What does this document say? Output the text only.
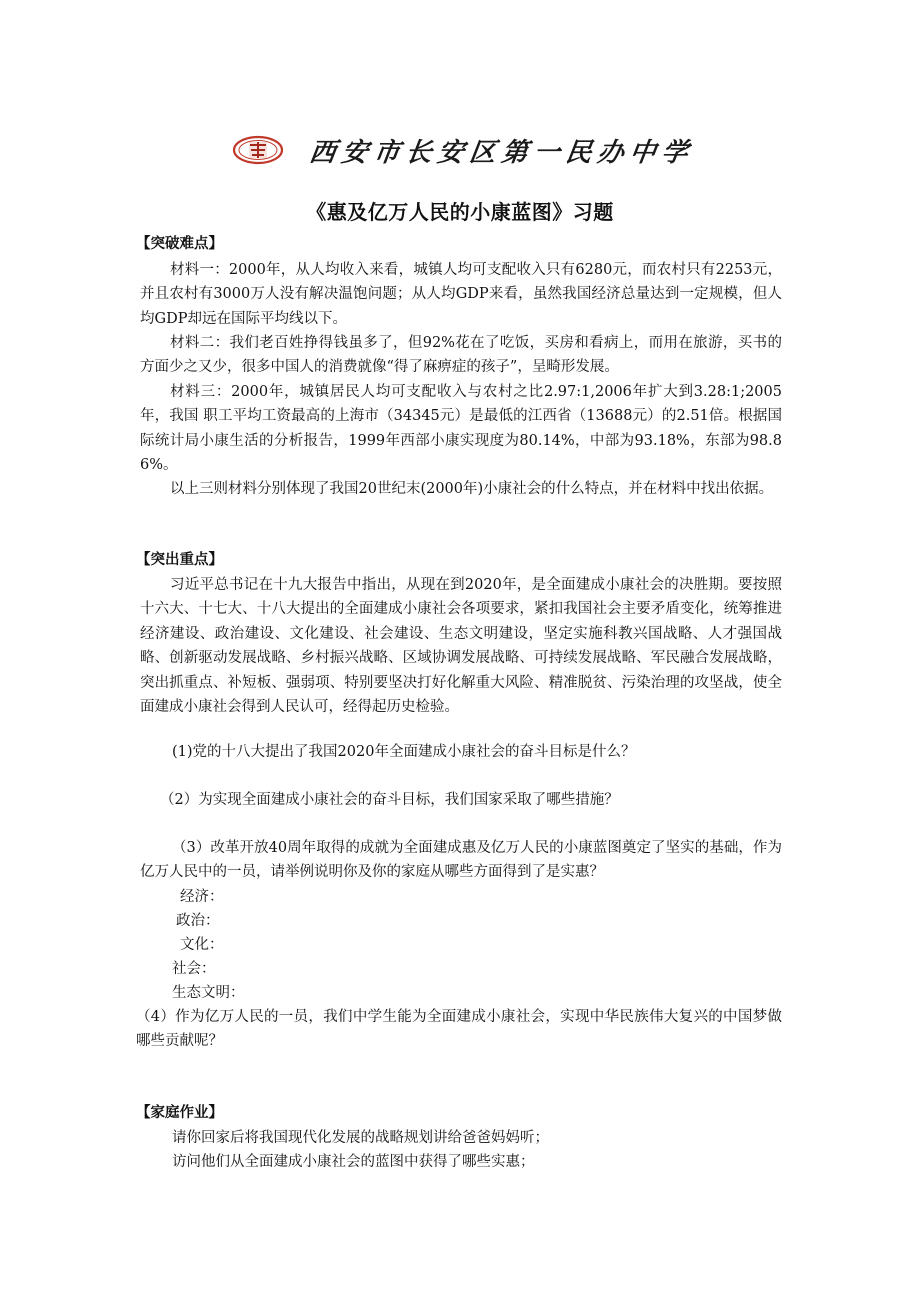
西安市长安区第一民办中学
《惠及亿万人民的小康蓝图》习题
【突破难点】
材料一：2000年，从人均收入来看，城镇人均可支配收入只有6280元，而农村只有2253元，并且农村有3000万人没有解决温饱问题；从人均GDP来看，虽然我国经济总量达到一定规模，但人均GDP却远在国际平均线以下。
材料二：我们老百姓挣得钱虽多了，但92%花在了吃饭，买房和看病上，而用在旅游，买书的方面少之又少，很多中国人的消费就像“得了麻痹症的孩子”，呈畸形发展。
材料三：2000年，城镇居民人均可支配收入与农村之比2.97:1,2006年扩大到3.28:1;2005年，我国 职工平均工资最高的上海市（34345元）是最低的江西省（13688元）的2.51倍。根据国际统计局小康生活的分析报告，1999年西部小康实现度为80.14%，中部为93.18%，东部为98.86%。
以上三则材料分别体现了我国20世纪末(2000年)小康社会的什么特点，并在材料中找出依据。
【突出重点】
习近平总书记在十九大报告中指出，从现在到2020年，是全面建成小康社会的决胜期。要按照十六大、十七大、十八大提出的全面建成小康社会各项要求，紧扣我国社会主要矛盾变化，统筹推进经济建设、政治建设、文化建设、社会建设、生态文明建设，坚定实施科教兴国战略、人才强国战略、创新驱动发展战略、乡村振兴战略、区域协调发展战略、可持续发展战略、军民融合发展战略，突出抓重点、补短板、强弱项、特别要坚决打好化解重大风险、精准脱贫、污染治理的攻坚战，使全面建成小康社会得到人民认可，经得起历史检验。
(1)党的十八大提出了我国2020年全面建成小康社会的奋斗目标是什么？
（2）为实现全面建成小康社会的奋斗目标，我们国家采取了哪些措施？
（3）改革开放40周年取得的成就为全面建成惠及亿万人民的小康蓝图奠定了坚实的基础，作为亿万人民中的一员，请举例说明你及你的家庭从哪些方面得到了是实惠？
经济：
政治：
文化：
社会：
生态文明：
（4）作为亿万人民的一员，我们中学生能为全面建成小康社会，实现中华民族伟大复兴的中国梦做哪些贡献呢？
【家庭作业】
请你回家后将我国现代化发展的战略规划讲给爸爸妈妈听；
访问他们从全面建成小康社会的蓝图中获得了哪些实惠；
